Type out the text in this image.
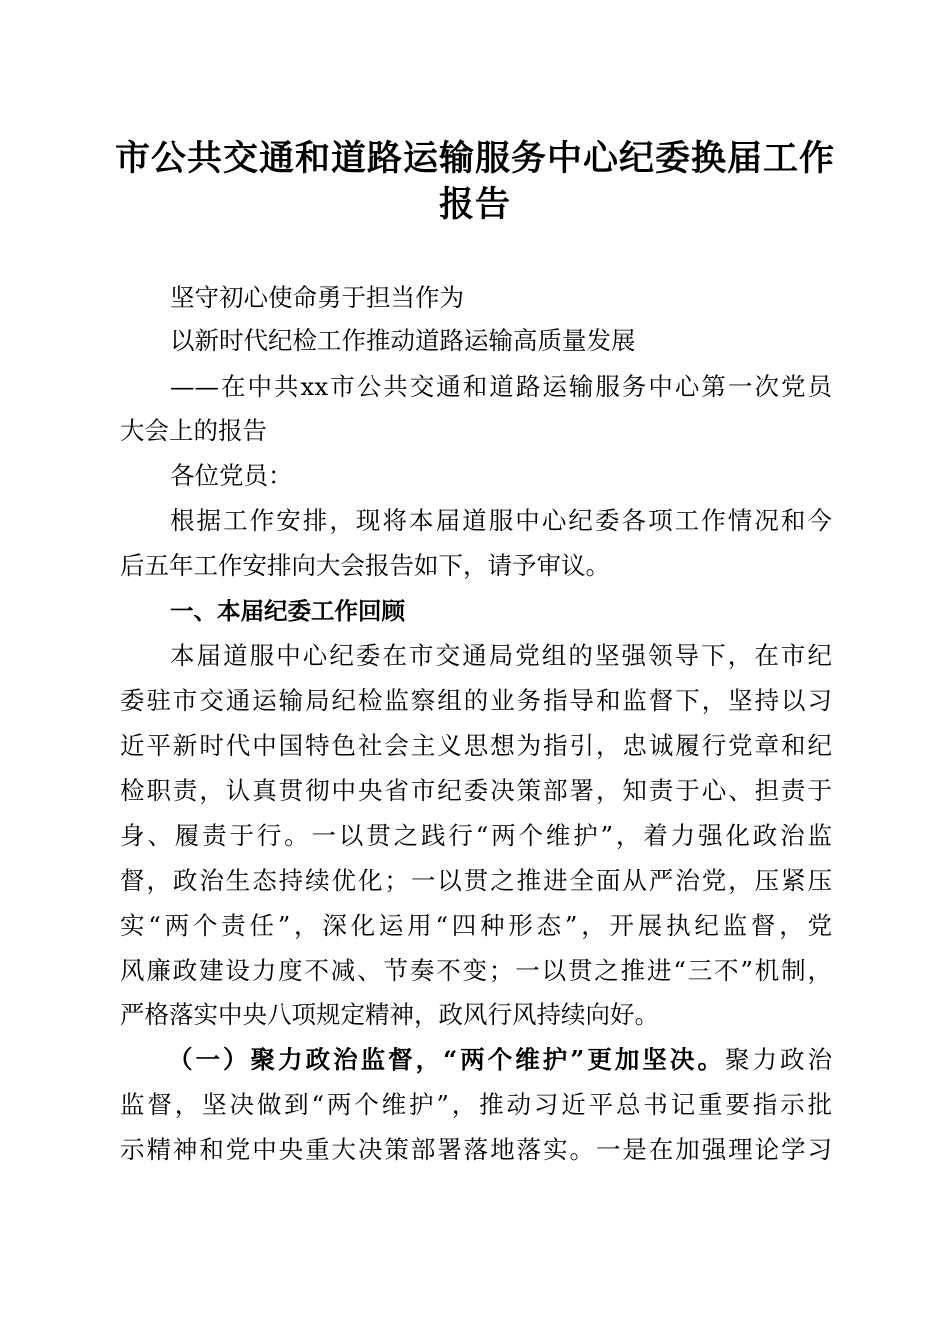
市公共交通和道路运输服务中心纪委换届工作
报告
坚守初心使命勇于担当作为
以新时代纪检工作推动道路运输高质量发展
——在中共xx市公共交通和道路运输服务中心第一次党员
大会上的报告
各位党员：
根据工作安排，现将本届道服中心纪委各项工作情况和今
后五年工作安排向大会报告如下，请予审议。
一、本届纪委工作回顾
本届道服中心纪委在市交通局党组的坚强领导下，在市纪
委驻市交通运输局纪检监察组的业务指导和监督下，坚持以习
近平新时代中国特色社会主义思想为指引，忠诚履行党章和纪
检职责，认真贯彻中央省市纪委决策部署，知责于心、担责于
身、履责于行。一以贯之践行“两个维护”，着力强化政治监
督，政治生态持续优化；一以贯之推进全面从严治党，压紧压
实“两个责任”，深化运用“四种形态”，开展执纪监督，党
风廉政建设力度不减、节奏不变；一以贯之推进“三不”机制，
严格落实中央八项规定精神，政风行风持续向好。
（一）聚力政治监督，“两个维护”更加坚决。聚力政治
监督，坚决做到“两个维护”，推动习近平总书记重要指示批
示精神和党中央重大决策部署落地落实。一是在加强理论学习
